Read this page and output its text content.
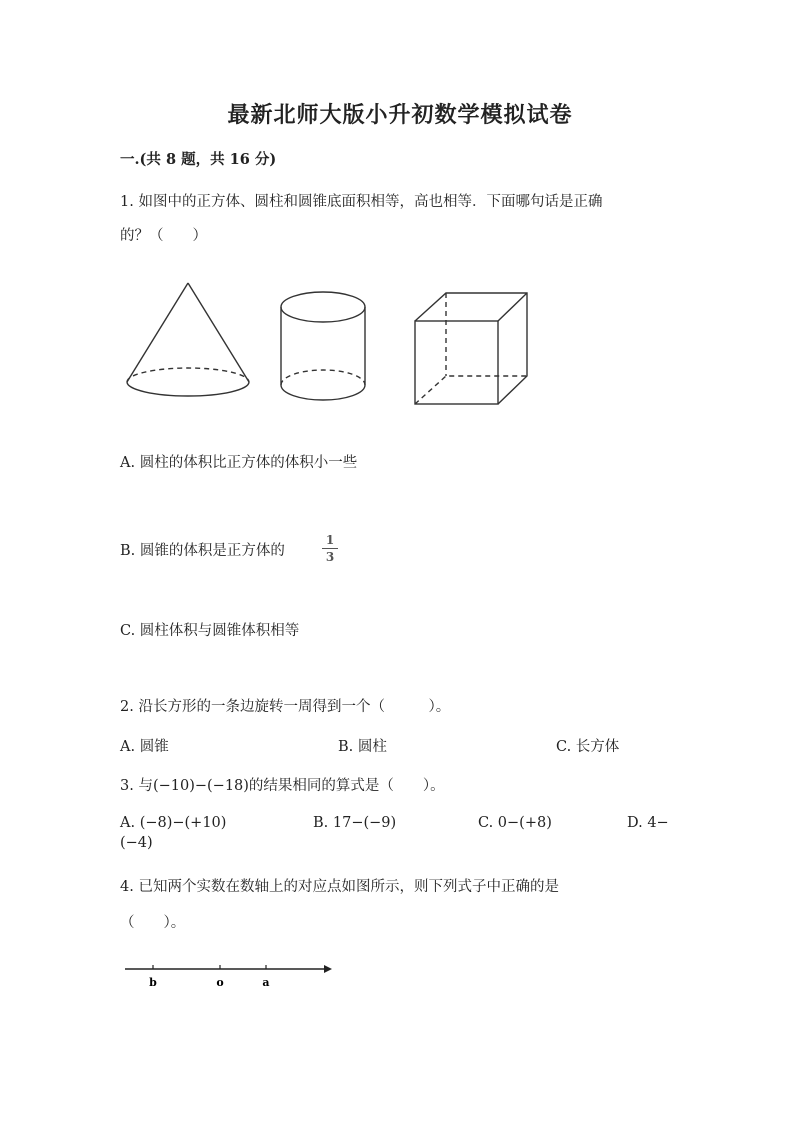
最新北师大版小升初数学模拟试卷
一.(共 8 题，共 16 分)
1. 如图中的正方体、圆柱和圆锥底面积相等，高也相等．下面哪句话是正确
的？（　　）
A. 圆柱的体积比正方体的体积小一些
B. 圆锥的体积是正方体的
1
3
C. 圆柱体积与圆锥体积相等
2. 沿长方形的一条边旋转一周得到一个（　　　）。
A. 圆锥	B. 圆柱	C. 长方体
3. 与(−10)−(−18)的结果相同的算式是（　　）。
A. (−8)−(+10)	B. 17−(−9)	C. 0−(+8)	D. 4−
(−4)
4. 已知两个实数在数轴上的对应点如图所示，则下列式子中正确的是
（　　）。
b	o	a
